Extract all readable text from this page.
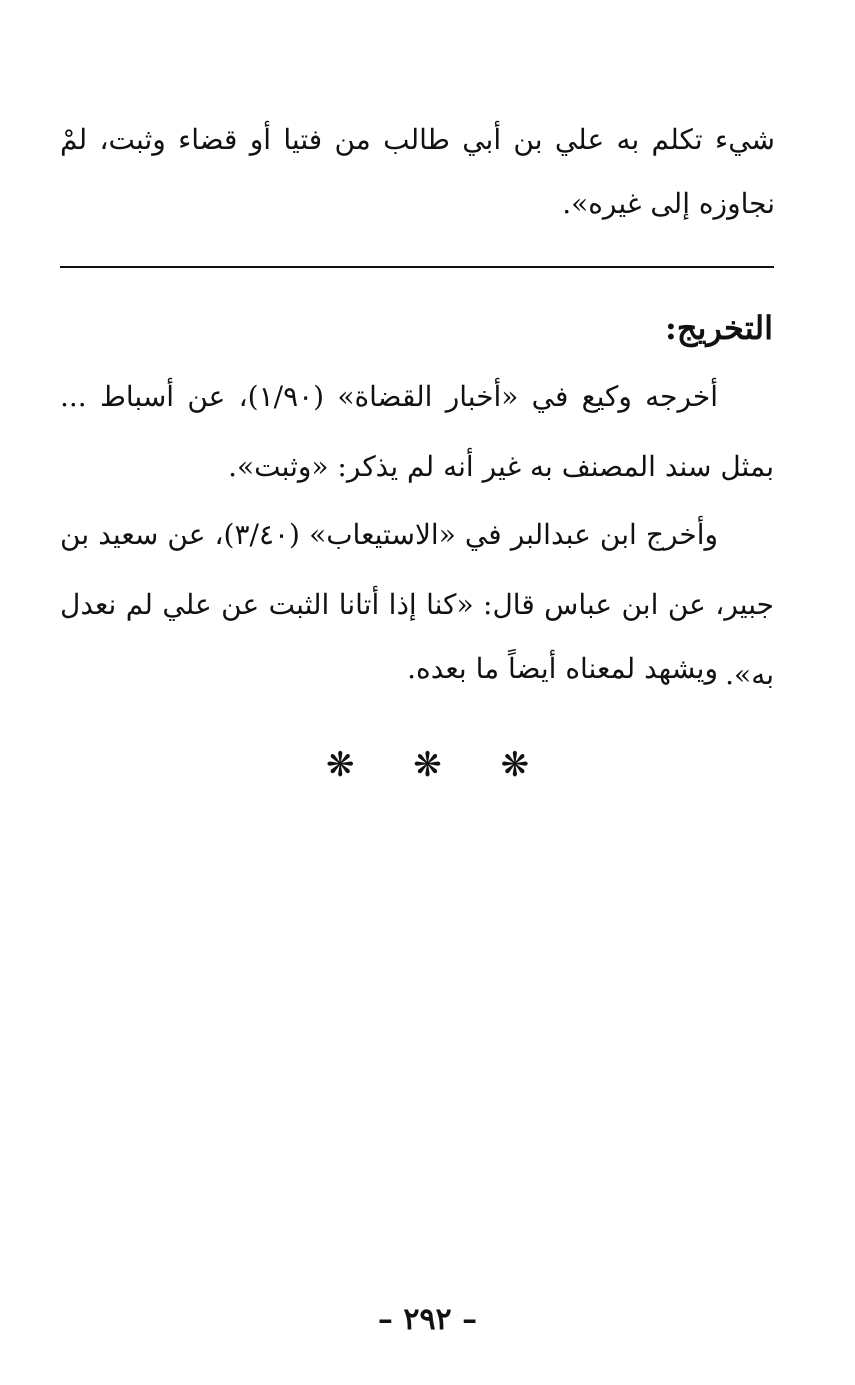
شيء تكلم به علي بن أبي طالب من فتيا أو قضاء وثبت، لمْ نجاوزه إلى غيره».
التخريج:
أخرجه وكيع في «أخبار القضاة» (١/٩٠)، عن أسباط ... بمثل سند المصنف به غير أنه لم يذكر: «وثبت».
وأخرج ابن عبدالبر في «الاستيعاب» (٣/٤٠)، عن سعيد بن جبير، عن ابن عباس قال: «كنا إذا أتانا الثبت عن علي لم نعدل به».
ويشهد لمعناه أيضاً ما بعده.
❋ ❋ ❋
– ٢٩٢ –
